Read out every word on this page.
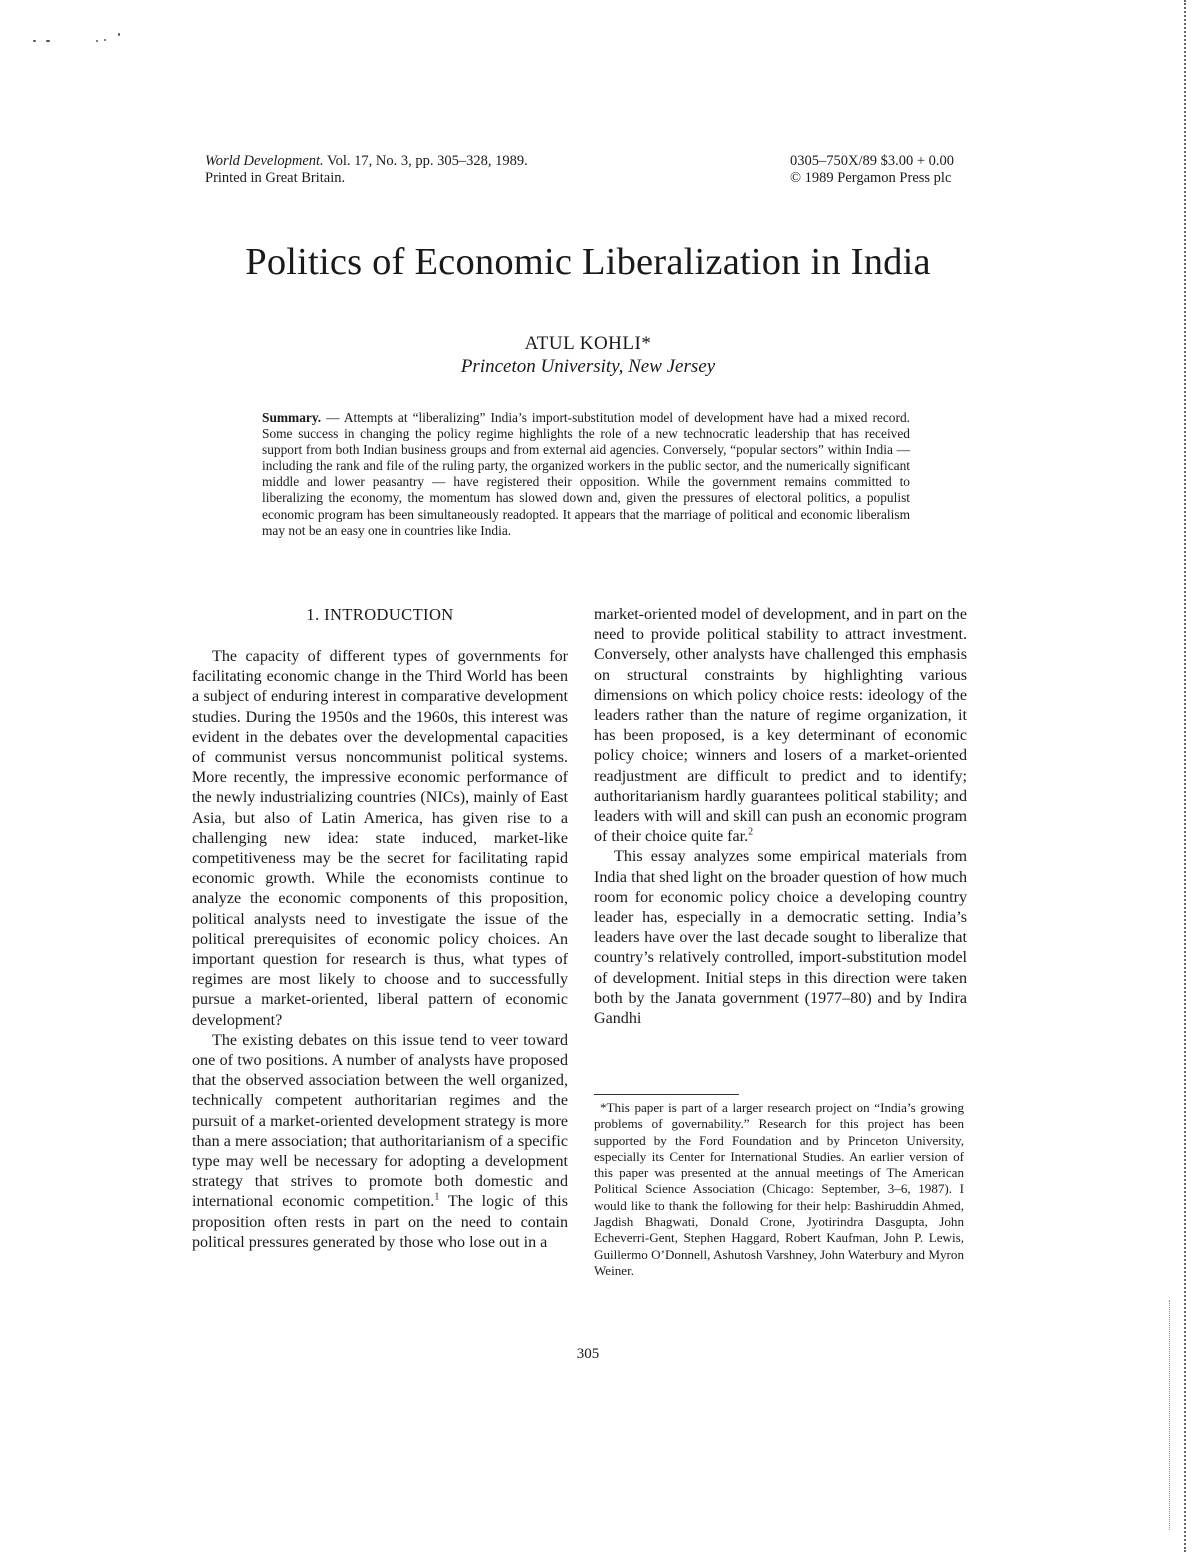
World Development. Vol. 17, No. 3, pp. 305–328, 1989.
Printed in Great Britain.
0305–750X/89 $3.00 + 0.00
© 1989 Pergamon Press plc
Politics of Economic Liberalization in India
ATUL KOHLI*
Princeton University, New Jersey
Summary. — Attempts at “liberalizing” India’s import-substitution model of development have had a mixed record. Some success in changing the policy regime highlights the role of a new technocratic leadership that has received support from both Indian business groups and from external aid agencies. Conversely, “popular sectors” within India — including the rank and file of the ruling party, the organized workers in the public sector, and the numerically significant middle and lower peasantry — have registered their opposition. While the government remains committed to liberalizing the economy, the momentum has slowed down and, given the pressures of electoral politics, a populist economic program has been simultaneously readopted. It appears that the marriage of political and economic liberalism may not be an easy one in countries like India.
1. INTRODUCTION

The capacity of different types of governments for facilitating economic change in the Third World has been a subject of enduring interest in comparative development studies. During the 1950s and the 1960s, this interest was evident in the debates over the developmental capacities of communist versus noncommunist political systems. More recently, the impressive economic performance of the newly industrializing countries (NICs), mainly of East Asia, but also of Latin America, has given rise to a challenging new idea: state induced, market-like competitiveness may be the secret for facilitating rapid economic growth. While the economists continue to analyze the economic components of this proposition, political analysts need to investigate the issue of the political prerequisites of economic policy choices. An important question for research is thus, what types of regimes are most likely to choose and to successfully pursue a market-oriented, liberal pattern of economic development?

The existing debates on this issue tend to veer toward one of two positions. A number of analysts have proposed that the observed association between the well organized, technically competent authoritarian regimes and the pursuit of a market-oriented development strategy is more than a mere association; that authoritarianism of a specific type may well be necessary for adopting a development strategy that strives to promote both domestic and international economic competition.$^1$ The logic of this proposition often rests in part on the need to contain political pressures generated by those who lose out in a

market-oriented model of development, and in part on the need to provide political stability to attract investment. Conversely, other analysts have challenged this emphasis on structural constraints by highlighting various dimensions on which policy choice rests: ideology of the leaders rather than the nature of regime organization, it has been proposed, is a key determinant of economic policy choice; winners and losers of a market-oriented readjustment are difficult to predict and to identify; authoritarianism hardly guarantees political stability; and leaders with will and skill can push an economic program of their choice quite far.$^2$

This essay analyzes some empirical materials from India that shed light on the broader question of how much room for economic policy choice a developing country leader has, especially in a democratic setting. India’s leaders have over the last decade sought to liberalize that country’s relatively controlled, import-substitution model of development. Initial steps in this direction were taken both by the Janata government (1977–80) and by Indira Gandhi

*This paper is part of a larger research project on “India’s growing problems of governability.” Research for this project has been supported by the Ford Foundation and by Princeton University, especially its Center for International Studies. An earlier version of this paper was presented at the annual meetings of The American Political Science Association (Chicago: September, 3–6, 1987). I would like to thank the following for their help: Bashiruddin Ahmed, Jagdish Bhagwati, Donald Crone, Jyotirindra Dasgupta, John Echeverri-Gent, Stephen Haggard, Robert Kaufman, John P. Lewis, Guillermo O’Donnell, Ashutosh Varshney, John Waterbury and Myron Weiner.
305
